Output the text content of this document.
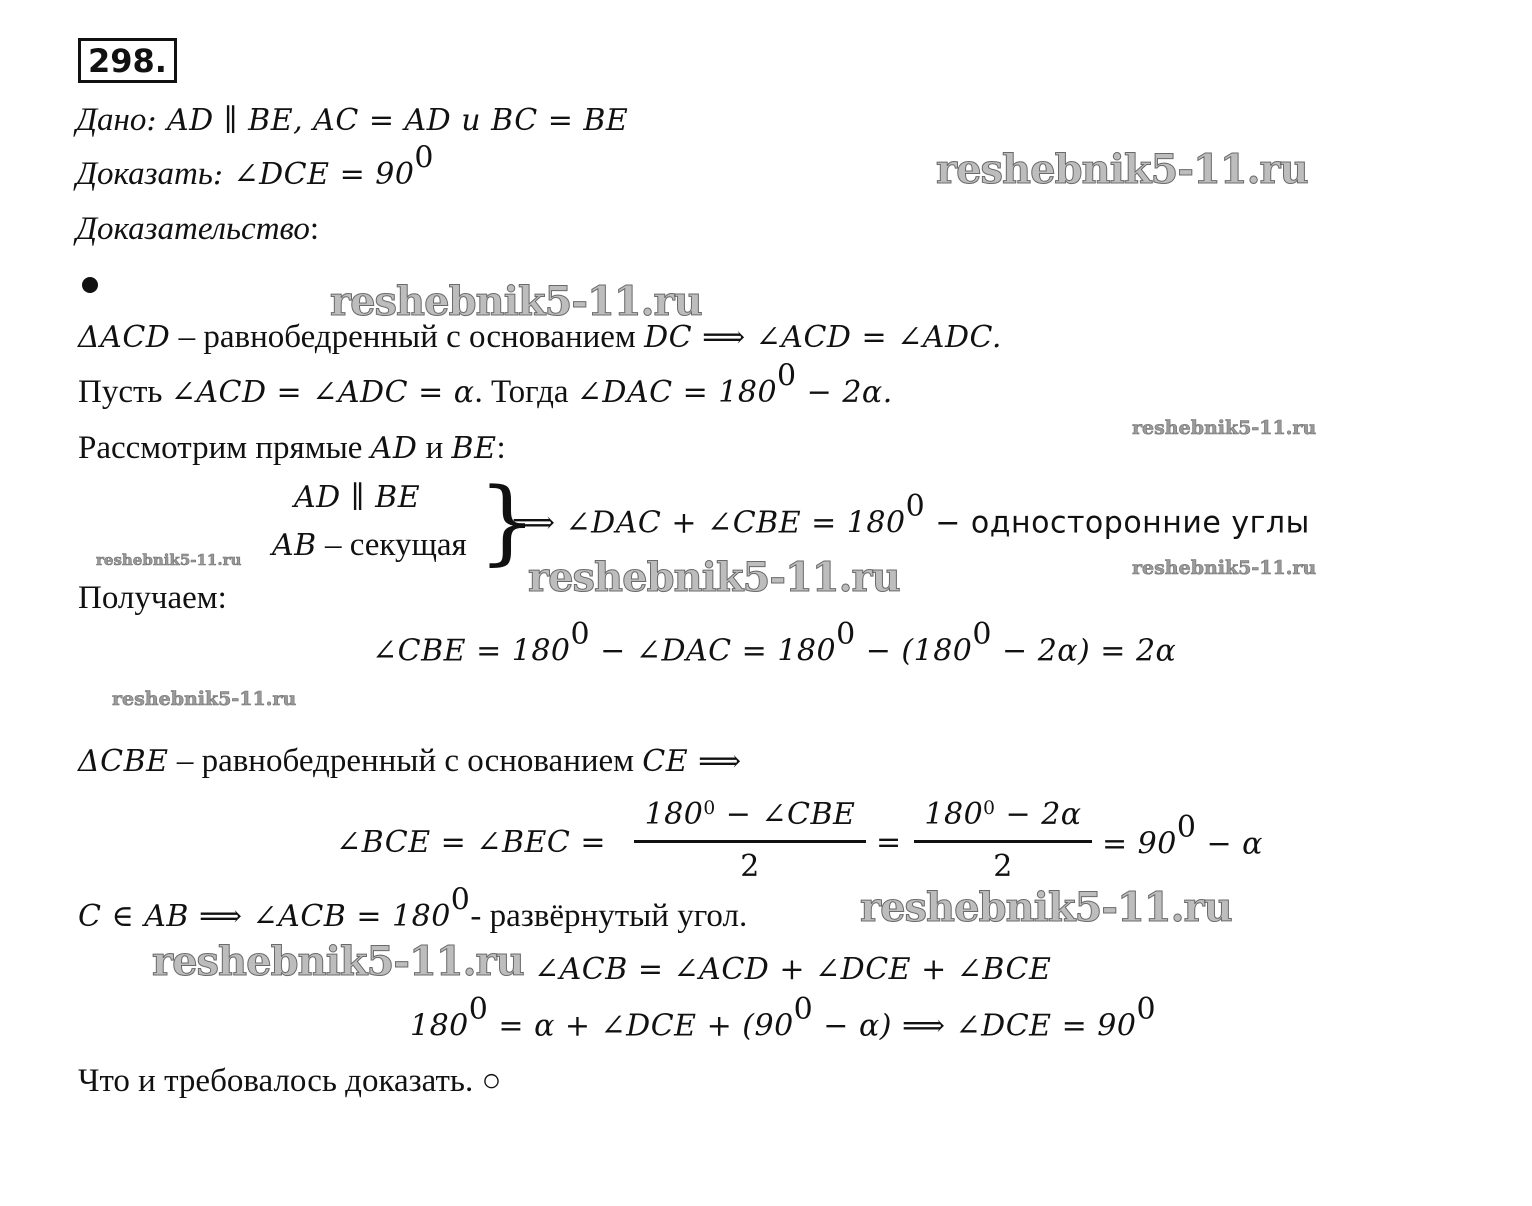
298.
Дано: AD ∥ BE, AC = AD и BC = BE
Доказать: ∠DCE = $90^0$
Доказательство:
ΔACD – равнобедренный с основанием DC ⟹ ∠ACD = ∠ADC.
Пусть ∠ACD = ∠ADC = α. Тогда ∠DAC = $180^0 - 2\alpha$.
Рассмотрим прямые AD и BE:
AD ∥ BE
AB – секущая }
⟹ ∠DAC + ∠CBE = $180^0$ − односторонние углы
Получаем:
∠CBE = $180^0$ − ∠DAC = $180^0 - (180^0 - 2\alpha) = 2\alpha$
ΔCBE – равнобедренный с основанием CE ⟹
∠BCE = ∠BEC =
$180^0$ − ∠CBE
2
=
$180^0 - 2\alpha$
2
= $90^0 - \alpha$
C ∈ AB ⟹ ∠ACB = $180^0-$ развёрнутый угол.
∠ACB = ∠ACD + ∠DCE + ∠BCE
$180^0 = \alpha$ + ∠DCE + $(90^0 - \alpha)$ ⟹ ∠DCE = $90^0$
Что и требовалось доказать. ○
reshebnik5-11.ru
reshebnik5-11.ru
reshebnik5-11.ru
reshebnik5-11.ru	reshebnik5-11.ru
reshebnik5-11.ru
reshebnik5-11.ru
reshebnik5-11.ru
reshebnik5-11.ru
